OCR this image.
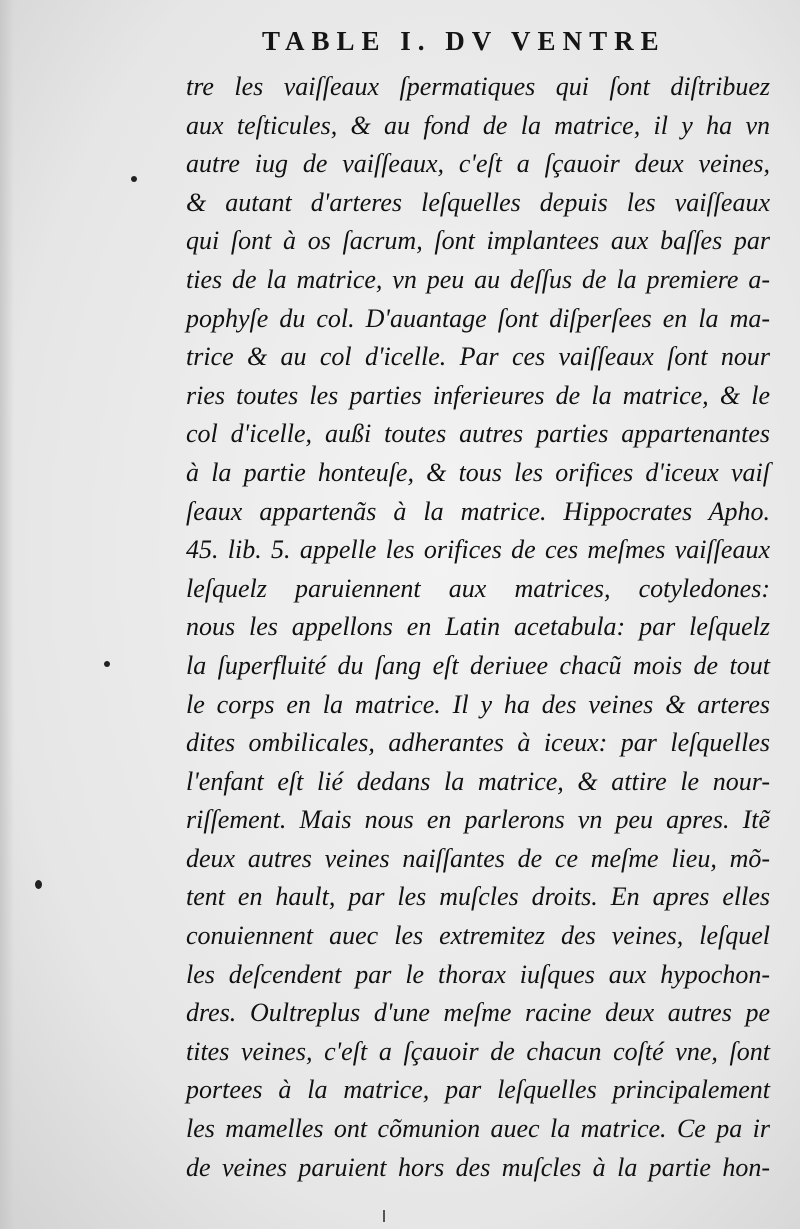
TABLE I. DV VENTRE
tre les vaiſſeaux ſpermatiques qui ſont diſtribuez
aux teſticules, & au fond de la matrice, il y ha vn
autre iug de vaiſſeaux, c'eſt a ſçauoir deux veines,
& autant d'arteres leſquelles depuis les vaiſſeaux
qui ſont à os ſacrum, ſont implantees aux baſſes par
ties de la matrice, vn peu au deſſus de la premiere a-
pophyſe du col. D'auantage ſont diſperſees en la ma-
trice & au col d'icelle. Par ces vaiſſeaux ſont nour
ries toutes les parties inferieures de la matrice, & le
col d'icelle, außi toutes autres parties appartenantes
à la partie honteuſe, & tous les orifices d'iceux vaiſ
ſeaux appartenãs à la matrice. Hippocrates Apho.
45. lib. 5. appelle les orifices de ces meſmes vaiſſeaux
leſquelz paruiennent aux matrices, cotyledones:
nous les appellons en Latin acetabula: par leſquelz
la ſuperfluité du ſang eſt deriuee chacũ mois de tout
le corps en la matrice. Il y ha des veines & arteres
dites ombilicales, adherantes à iceux: par leſquelles
l'enfant eſt lié dedans la matrice, & attire le nour-
riſſement. Mais nous en parlerons vn peu apres. Itẽ
deux autres veines naiſſantes de ce meſme lieu, mõ-
tent en hault, par les muſcles droits. En apres elles
conuiennent auec les extremitez des veines, leſquel
les deſcendent par le thorax iuſques aux hypochon-
dres. Oultreplus d'une meſme racine deux autres pe
tites veines, c'eſt a ſçauoir de chacun coſté vne, ſont
portees à la matrice, par leſquelles principalement
les mamelles ont cõmunion auec la matrice. Ce pa ir
de veines paruient hors des muſcles à la partie hon-
